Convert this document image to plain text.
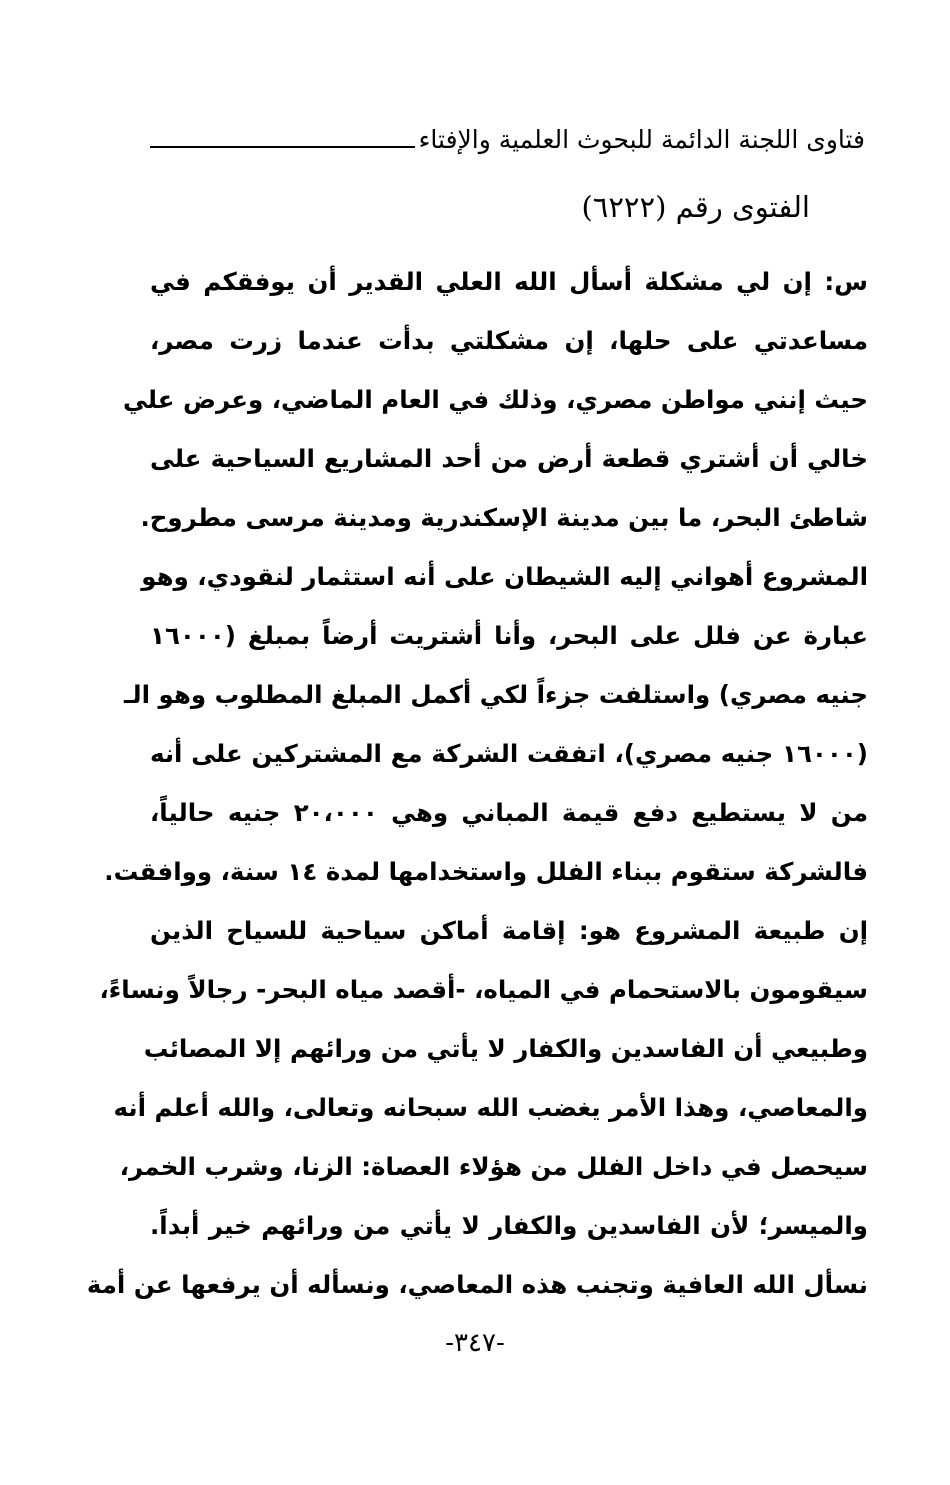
فتاوى اللجنة الدائمة للبحوث العلمية والإفتاء
الفتوى رقم (٦٢٢٢)
س: إن لي مشكلة أسأل الله العلي القدير أن يوفقكم في
مساعدتي على حلها، إن مشكلتي بدأت عندما زرت مصر،
حيث إنني مواطن مصري، وذلك في العام الماضي، وعرض علي
خالي أن أشتري قطعة أرض من أحد المشاريع السياحية على
شاطئ البحر، ما بين مدينة الإسكندرية ومدينة مرسى مطروح.
المشروع أهواني إليه الشيطان على أنه استثمار لنقودي، وهو
عبارة عن فلل على البحر، وأنا أشتريت أرضاً بمبلغ (١٦٠٠٠
جنيه مصري) واستلفت جزءاً لكي أكمل المبلغ المطلوب وهو الـ
(١٦٠٠٠ جنيه مصري)، اتفقت الشركة مع المشتركين على أنه
من لا يستطيع دفع قيمة المباني وهي ٢٠،٠٠٠ جنيه حالياً،
فالشركة ستقوم ببناء الفلل واستخدامها لمدة ١٤ سنة، ووافقت.
إن طبيعة المشروع هو: إقامة أماكن سياحية للسياح الذين
سيقومون بالاستحمام في المياه، -أقصد مياه البحر- رجالاً ونساءً،
وطبيعي أن الفاسدين والكفار لا يأتي من ورائهم إلا المصائب
والمعاصي، وهذا الأمر يغضب الله سبحانه وتعالى، والله أعلم أنه
سيحصل في داخل الفلل من هؤلاء العصاة: الزنا، وشرب الخمر،
والميسر؛ لأن الفاسدين والكفار لا يأتي من ورائهم خير أبداً.
نسأل الله العافية وتجنب هذه المعاصي، ونسأله أن يرفعها عن أمة
-٣٤٧-
